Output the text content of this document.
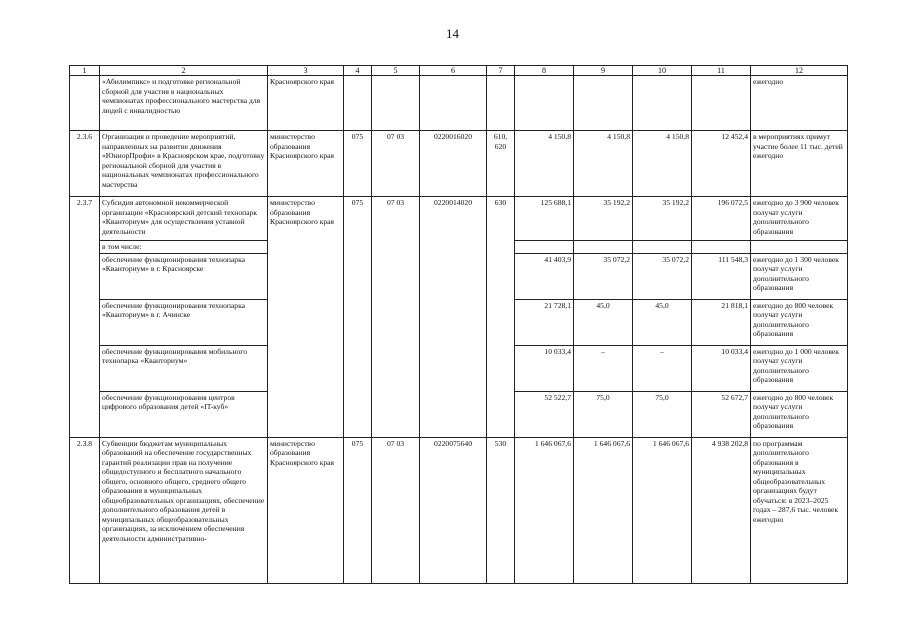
14
1	2	3	4	5	6	7	8	9	10	11	12
	«Абилимпикс» и подготовке региональной сборной для участия в национальных чемпионатах профессионального мастерства для людей с инвалидностью	Красноярского края									ежегодно
2.3.6	Организация и проведение мероприятий, направленных на развитие движения «ЮниорПрофи» в Красноярском крае, подготовку региональной сборной для участия в национальных чемпионатах профессионального мастерства	министерство образования Красноярского края	075	07 03	0220016020	610, 620	4 150,8	4 150,8	4 150,8	12 452,4	в мероприятиях примут участие более 11 тыс. детей ежегодно
2.3.7	Субсидия автономной некоммерческой организации «Красноярский детский технопарк «Кванториум» для осуществления уставной деятельности	министерство образования Красноярского края	075	07 03	0220014020	630	125 688,1	35 192,2	35 192,2	196 072,5	ежегодно до 3 900 человек получат услуги дополнительного образования
	в том числе:										
	обеспечение функционирования технопарка «Кванториум» в г. Красноярске						41 403,9	35 072,2	35 072,2	111 548,3	ежегодно до 1 300 человек получат услуги дополнительного образования
	обеспечение функционирования технопарка «Кванториум» в г. Ачинске						21 728,1	45,0	45,0	21 818,1	ежегодно до 800 человек получат услуги дополнительного образования
	обеспечение функционирования мобильного технопарка «Кванториум»						10 033,4	–	–	10 033,4	ежегодно до 1 000 человек получат услуги дополнительного образования
	обеспечение функционирования центров цифрового образования детей «IT-куб»						52 522,7	75,0	75,0	52 672,7	ежегодно до 800 человек получат услуги дополнительного образования
2.3.8	Субвенции бюджетам муниципальных образований на обеспечение государственных гарантий реализации прав на получение общедоступного и бесплатного начального общего, основного общего, среднего общего образования в муниципальных общеобразовательных организациях, обеспечение дополнительного образования детей в муниципальных общеобразовательных организациях, за исключением обеспечения деятельности административно-	министерство образования Красноярского края	075	07 03	0220075640	530	1 646 067,6	1 646 067,6	1 646 067,6	4 938 202,8	по программам дополнительного образования в муниципальных общеобразовательных организациях будут обучаться: в 2023–2025 годах – 287,6 тыс. человек ежегодно
